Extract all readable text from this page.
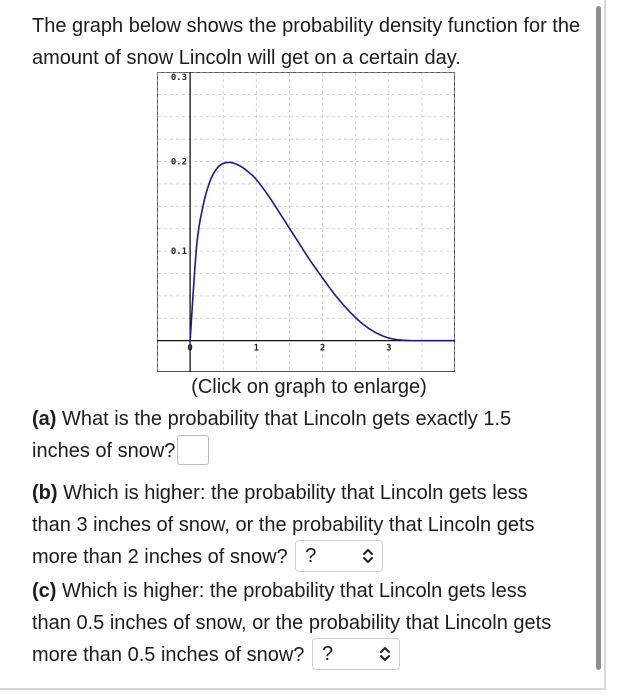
The graph below shows the probability density function for the amount of snow Lincoln will get on a certain day.
0	1	2	3
0.3
0.2
0.1
(Click on graph to enlarge)
(a) What is the probability that Lincoln gets exactly 1.5
inches of snow?
(b) Which is higher: the probability that Lincoln gets less
than 3 inches of snow, or the probability that Lincoln gets
more than 2 inches of snow? ?
(c) Which is higher: the probability that Lincoln gets less
than 0.5 inches of snow, or the probability that Lincoln gets
more than 0.5 inches of snow? ?
